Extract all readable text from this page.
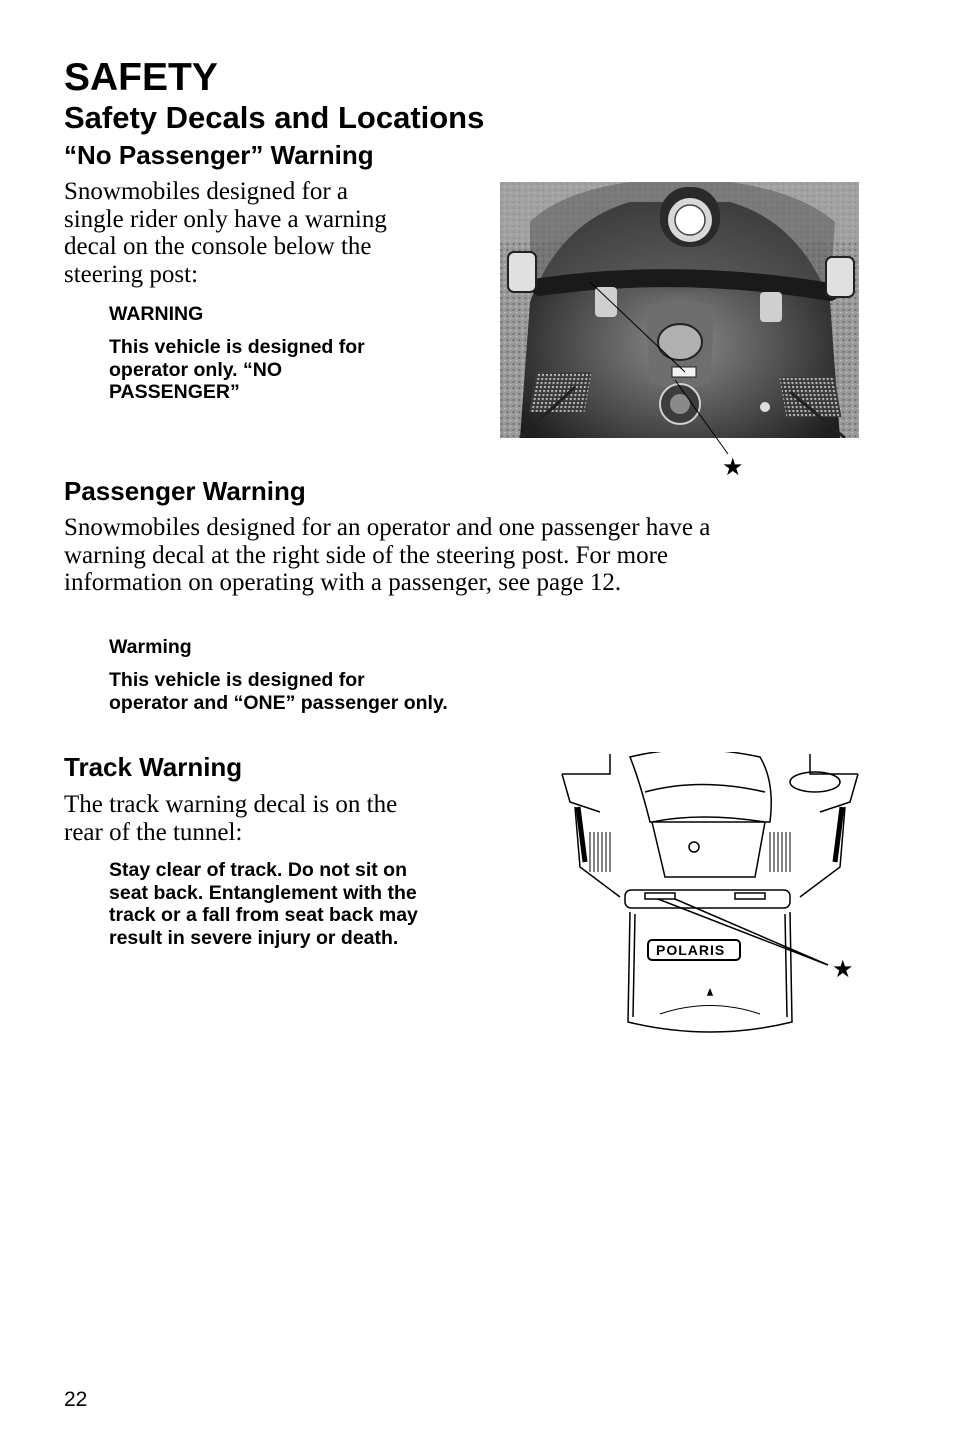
SAFETY
Safety Decals and Locations
“No Passenger” Warning
Snowmobiles designed for a
single rider only have a warning
decal on the console below the
steering post:
WARNING
This vehicle is designed for
operator only. “NO
PASSENGER”
★
Passenger Warning
Snowmobiles designed for an operator and one passenger have a
warning decal at the right side of the steering post. For more
information on operating with a passenger, see page 12.
Warming
This vehicle is designed for
operator and “ONE” passenger only.
Track Warning
The track warning decal is on the
rear of the tunnel:
Stay clear of track. Do not sit on
seat back. Entanglement with the
track or a fall from seat back may
result in severe injury or death.
POLARIS
★
22
